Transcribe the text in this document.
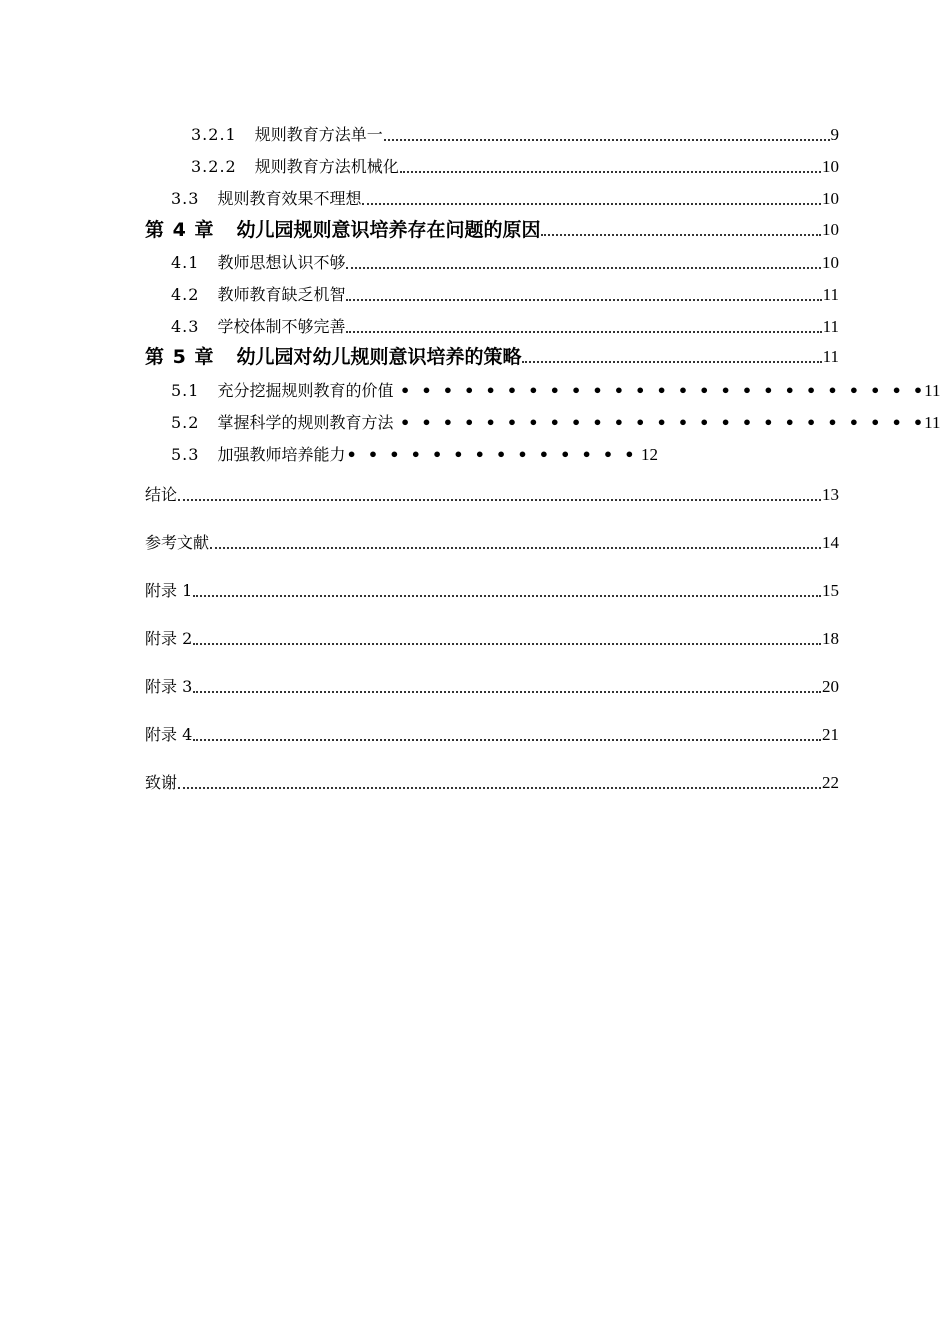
3.2.1 规则教育方法单一	9
3.2.2 规则教育方法机械化	10
3.3 规则教育效果不理想	10
第 4 章 幼儿园规则意识培养存在问题的原因	10
4.1 教师思想认识不够	10
4.2 教师教育缺乏机智	11
4.3 学校体制不够完善	11
第 5 章 幼儿园对幼儿规则意识培养的策略	11
5.1 充分挖掘规则教育的价值 •  •  •  •  •  •  •  •  •  •  •  •  •  •  •  •  •  •  •  •  •  •  •  •  • 11
5.2 掌握科学的规则教育方法 •  •  •  •  •  •  •  •  •  •  •  •  •  •  •  •  •  •  •  •  •  •  •  •  • 11
5.3 加强教师培养能力 •  •  •  •  •  •  •  •  •  •  •  •  •  • 12
结论	13
参考文献	14
附录 1	15
附录 2	18
附录 3	20
附录 4	21
致谢	22
